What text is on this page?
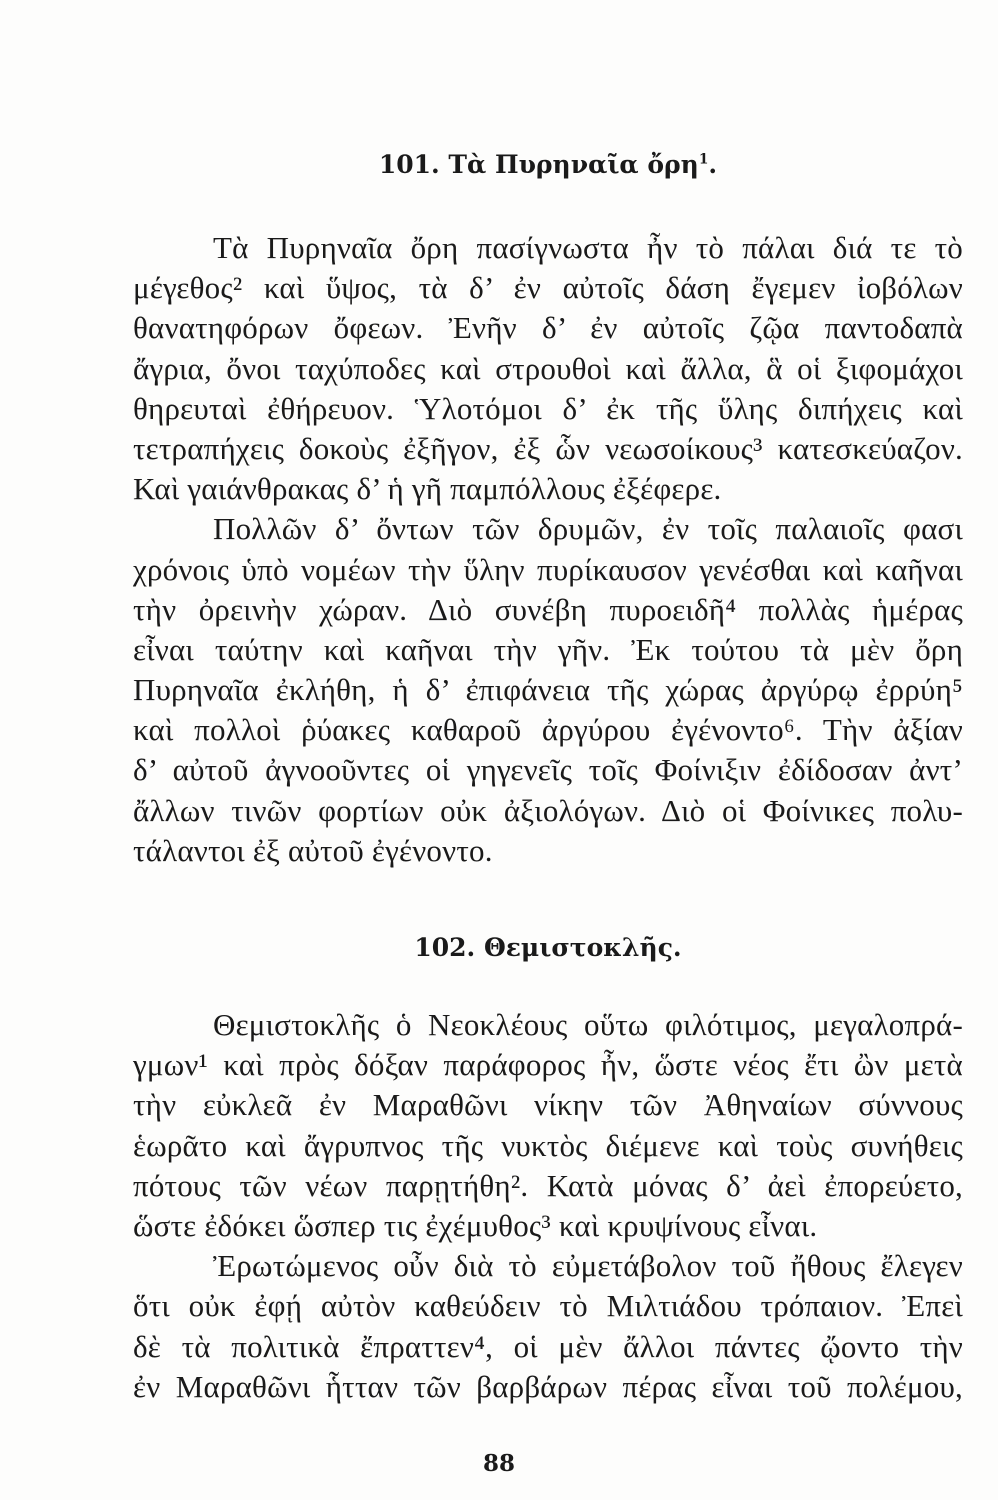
101. Τὰ Πυρηναῖα ὄρη$^1$.
Τὰ Πυρηναῖα ὄρη πασίγνωστα ἦν τὸ πάλαι διά τε τὸ
μέγεθος² καὶ ὕψος, τὰ δ’ ἐν αὐτοῖς δάση ἔγεμεν ἰοβόλων
θανατηφόρων ὄφεων. Ἐνῆν δ’ ἐν αὐτοῖς ζῷα παντοδαπὰ
ἄγρια, ὄνοι ταχύποδες καὶ στρουθοὶ καὶ ἄλλα, ἃ οἱ ξιφομάχοι
θηρευταὶ ἐθήρευον. Ὑλοτόμοι δ’ ἐκ τῆς ὕλης διπήχεις καὶ
τετραπήχεις δοκοὺς ἐξῆγον, ἐξ ὧν νεωσοίκους³ κατεσκεύαζον.
Καὶ γαιάνθρακας δ’ ἡ γῆ παμπόλλους ἐξέφερε.
Πολλῶν δ’ ὄντων τῶν δρυμῶν, ἐν τοῖς παλαιοῖς φασι
χρόνοις ὑπὸ νομέων τὴν ὕλην πυρίκαυσον γενέσθαι καὶ καῆναι
τὴν ὀρεινὴν χώραν. Διὸ συνέβη πυροειδῆ⁴ πολλὰς ἡμέρας
εἶναι ταύτην καὶ καῆναι τὴν γῆν. Ἐκ τούτου τὰ μὲν ὄρη
Πυρηναῖα ἐκλήθη, ἡ δ’ ἐπιφάνεια τῆς χώρας ἀργύρῳ ἐρρύη⁵
καὶ πολλοὶ ῥύακες καθαροῦ ἀργύρου ἐγένοντο⁶. Τὴν ἀξίαν
δ’ αὐτοῦ ἀγνοοῦντες οἱ γηγενεῖς τοῖς Φοίνιξιν ἐδίδοσαν ἀντ’
ἄλλων τινῶν φορτίων οὐκ ἀξιολόγων. Διὸ οἱ Φοίνικες πολυ-
τάλαντοι ἐξ αὐτοῦ ἐγένοντο.
102. Θεμιστοκλῆς.
Θεμιστοκλῆς ὁ Νεοκλέους οὕτω φιλότιμος, μεγαλοπρά-
γμων¹ καὶ πρὸς δόξαν παράφορος ἦν, ὥστε νέος ἔτι ὢν μετὰ
τὴν εὐκλεᾶ ἐν Μαραθῶνι νίκην τῶν Ἀθηναίων σύννους
ἑωρᾶτο καὶ ἄγρυπνος τῆς νυκτὸς διέμενε καὶ τοὺς συνήθεις
πότους τῶν νέων παρῃτήθη². Κατὰ μόνας δ’ ἀεὶ ἐπορεύετο,
ὥστε ἐδόκει ὥσπερ τις ἐχέμυθος³ καὶ κρυψίνους εἶναι.
Ἐρωτώμενος οὖν διὰ τὸ εὐμετάβολον τοῦ ἤθους ἔλεγεν
ὅτι οὐκ ἐφῄ αὐτὸν καθεύδειν τὸ Μιλτιάδου τρόπαιον. Ἐπεὶ
δὲ τὰ πολιτικὰ ἔπραττεν⁴, οἱ μὲν ἄλλοι πάντες ᾤοντο τὴν
ἐν Μαραθῶνι ἧτταν τῶν βαρβάρων πέρας εἶναι τοῦ πολέμου,
88
